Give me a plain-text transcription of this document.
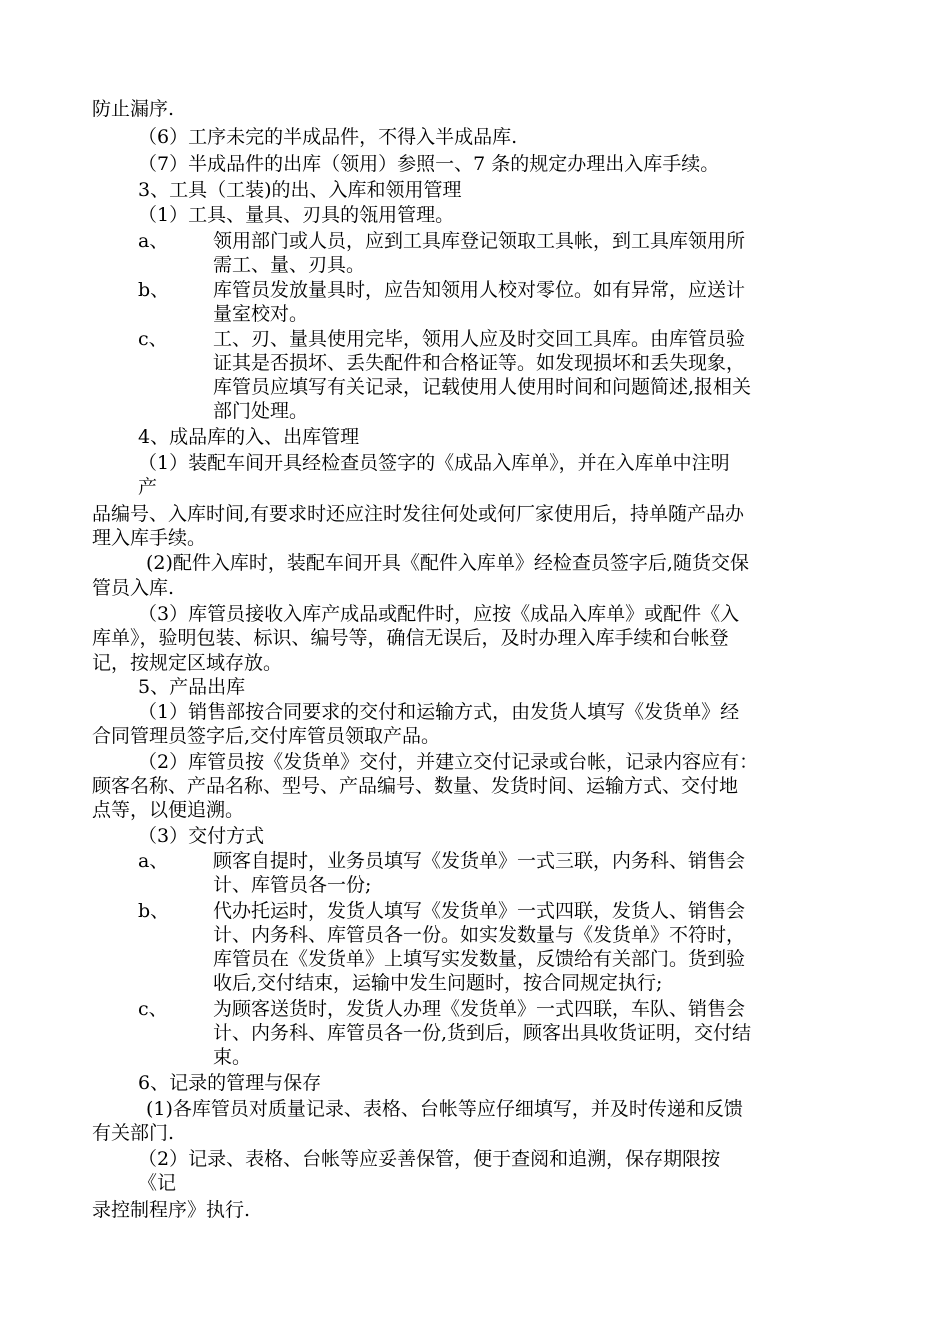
防止漏序.
（6）工序未完的半成品件，不得入半成品库.
（7）半成品件的出库（领用）参照一、7 条的规定办理出入库手续。
3、工具（工装)的出、入库和领用管理
（1）工具、量具、刃具的瓴用管理。
a、 领用部门或人员，应到工具库登记领取工具帐，到工具库领用所
需工、量、刃具。
b、 库管员发放量具时，应告知领用人校对零位。如有异常，应送计
量室校对。
c、 工、刃、量具使用完毕，领用人应及时交回工具库。由库管员验
证其是否损坏、丢失配件和合格证等。如发现损坏和丢失现象，
库管员应填写有关记录，记载使用人使用时间和问题简述,报相关
部门处理。
4、成品库的入、出库管理
（1）装配车间开具经检查员签字的《成品入库单》，并在入库单中注明
产
品编号、入库时间,有要求时还应注时发往何处或何厂家使用后，持单随产品办
理入库手续。
(2)配件入库时，装配车间开具《配件入库单》经检查员签字后,随货交保
管员入库.
（3）库管员接收入库产成品或配件时，应按《成品入库单》或配件《入
库单》，验明包装、标识、编号等，确信无误后，及时办理入库手续和台帐登
记，按规定区域存放。
5、产品出库
（1）销售部按合同要求的交付和运输方式，由发货人填写《发货单》经
合同管理员签字后,交付库管员领取产品。
（2）库管员按《发货单》交付，并建立交付记录或台帐，记录内容应有：
顾客名称、产品名称、型号、产品编号、数量、发货时间、运输方式、交付地
点等，以便追溯。
（3）交付方式
a、 顾客自提时，业务员填写《发货单》一式三联，内务科、销售会
计、库管员各一份;
b、 代办托运时，发货人填写《发货单》一式四联，发货人、销售会
计、内务科、库管员各一份。如实发数量与《发货单》不符时，
库管员在《发货单》上填写实发数量，反馈给有关部门。货到验
收后,交付结束，运输中发生问题时，按合同规定执行;
c、 为顾客送货时，发货人办理《发货单》一式四联，车队、销售会
计、内务科、库管员各一份,货到后，顾客出具收货证明，交付结
束。
6、记录的管理与保存
(1)各库管员对质量记录、表格、台帐等应仔细填写，并及时传递和反馈
有关部门.
（2）记录、表格、台帐等应妥善保管，便于查阅和追溯，保存期限按
《记
录控制程序》执行.
